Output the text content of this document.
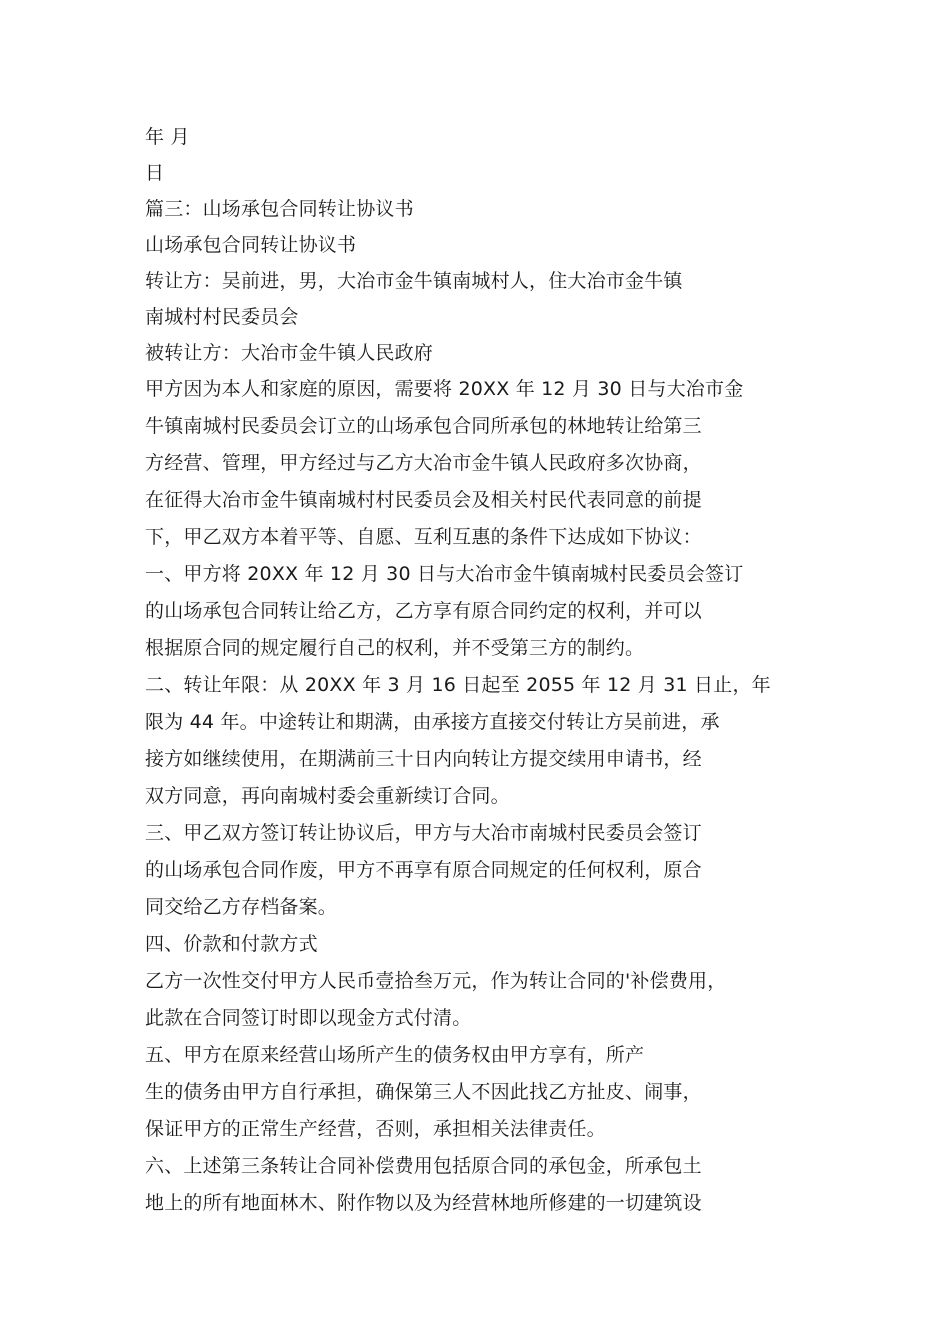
年 月
日
篇三：山场承包合同转让协议书
山场承包合同转让协议书
转让方：吴前进，男，大冶市金牛镇南城村人，住大冶市金牛镇
南城村村民委员会
被转让方：大冶市金牛镇人民政府
甲方因为本人和家庭的原因，需要将 20XX 年 12 月 30 日与大冶市金
牛镇南城村民委员会订立的山场承包合同所承包的林地转让给第三
方经营、管理，甲方经过与乙方大冶市金牛镇人民政府多次协商，
在征得大冶市金牛镇南城村村民委员会及相关村民代表同意的前提
下，甲乙双方本着平等、自愿、互利互惠的条件下达成如下协议：
一、甲方将 20XX 年 12 月 30 日与大冶市金牛镇南城村民委员会签订
的山场承包合同转让给乙方，乙方享有原合同约定的权利，并可以
根据原合同的规定履行自己的权利，并不受第三方的制约。
二、转让年限：从 20XX 年 3 月 16 日起至 2055 年 12 月 31 日止，年
限为 44 年。中途转让和期满，由承接方直接交付转让方吴前进，承
接方如继续使用，在期满前三十日内向转让方提交续用申请书，经
双方同意，再向南城村委会重新续订合同。
三、甲乙双方签订转让协议后，甲方与大冶市南城村民委员会签订
的山场承包合同作废，甲方不再享有原合同规定的任何权利，原合
同交给乙方存档备案。
四、价款和付款方式
乙方一次性交付甲方人民币壹拾叁万元，作为转让合同的'补偿费用，
此款在合同签订时即以现金方式付清。
五、甲方在原来经营山场所产生的债务权由甲方享有，所产
生的债务由甲方自行承担，确保第三人不因此找乙方扯皮、闹事，
保证甲方的正常生产经营，否则，承担相关法律责任。
六、上述第三条转让合同补偿费用包括原合同的承包金，所承包土
地上的所有地面林木、附作物以及为经营林地所修建的一切建筑设
